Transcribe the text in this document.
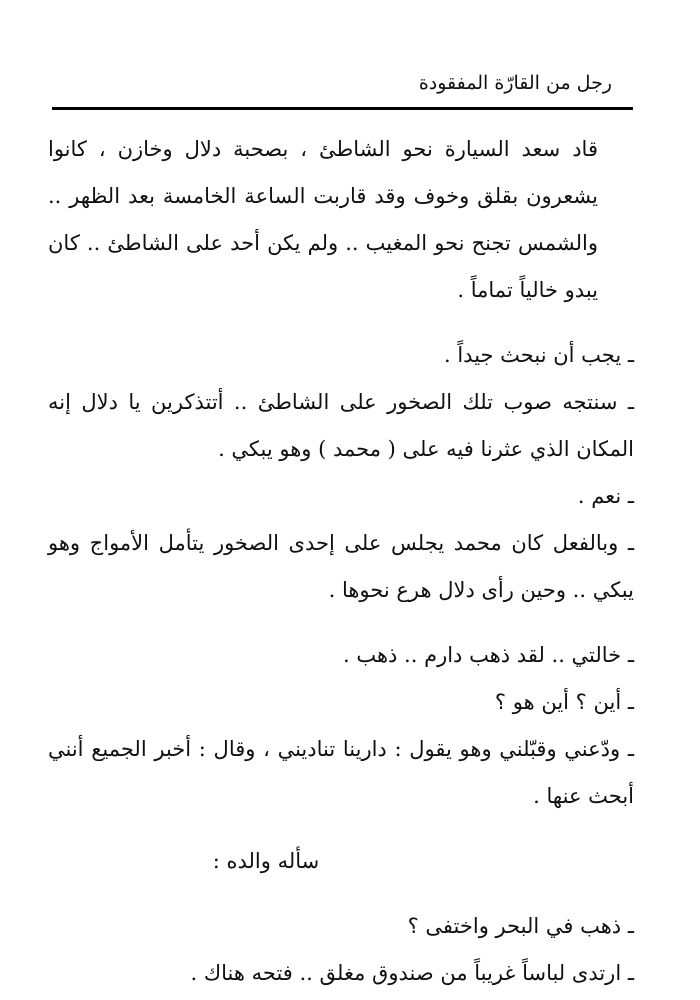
رجل من القارّة المفقودة

قاد سعد السيارة نحو الشاطئ ، بصحبة دلال وخازن ، كانوا يشعرون بقلق وخوف وقد قاربت الساعة الخامسة بعد الظهر .. والشمس تجنح نحو المغيب .. ولم يكن أحد على الشاطئ .. كان يبدو خالياً تماماً .

ـ يجب أن نبحث جيداً .

ـ سنتجه صوب تلك الصخور على الشاطئ .. أتتذكرين يا دلال إنه المكان الذي عثرنا فيه على ( محمد ) وهو يبكي .

ـ نعم .

ـ وبالفعل كان محمد يجلس على إحدى الصخور يتأمل الأمواج وهو يبكي .. وحين رأى دلال هرع نحوها .

ـ خالتي .. لقد ذهب دارم .. ذهب .

ـ أين ؟ أين هو ؟

ـ ودّعني وقبّلني وهو يقول : دارينا تناديني ، وقال : أخبر الجميع أنني أبحث عنها .

سأله والده :

ـ ذهب في البحر واختفى ؟

ـ ارتدى لباساً غريباً من صندوق مغلق .. فتحه هناك .
